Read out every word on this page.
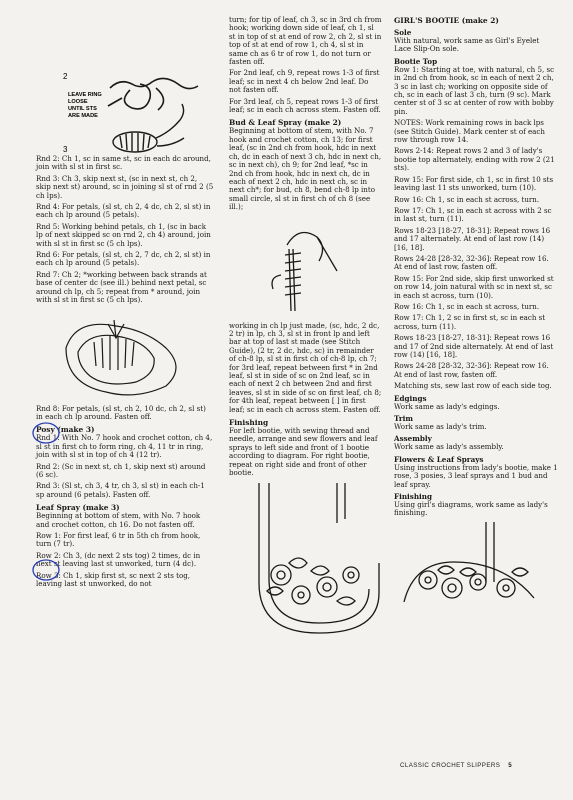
2
3
LEAVE RING
LOOSE
UNTIL STS
ARE MADE
Rnd 2: Ch 1, sc in same st, sc in each dc around, join with sl st in first sc.
Rnd 3: Ch 3, skip next st, (sc in next st, ch 2, skip next st) around, sc in joining sl st of rnd 2 (5 ch lps).
Rnd 4: For petals, (sl st, ch 2, 4 dc, ch 2, sl st) in each ch lp around (5 petals).
Rnd 5: Working behind petals, ch 1, (sc in back lp of next skipped sc on rnd 2, ch 4) around, join with sl st in first sc (5 ch lps).
Rnd 6: For petals, (sl st, ch 2, 7 dc, ch 2, sl st) in each ch lp around (5 petals).
Rnd 7: Ch 2; *working between back strands at base of center dc (see ill.) behind next petal, sc around ch lp, ch 5; repeat from * around, join with sl st in first sc (5 ch lps).
Rnd 8: For petals, (sl st, ch 2, 10 dc, ch 2, sl st) in each ch lp around. Fasten off.
Posy (make 3)
Rnd 1: With No. 7 hook and crochet cotton, ch 4, sl st in first ch to form ring, ch 4, 11 tr in ring, join with sl st in top of ch 4 (12 tr).
Rnd 2: (Sc in next st, ch 1, skip next st) around (6 sc).
Rnd 3: (Sl st, ch 3, 4 tr, ch 3, sl st) in each ch-1 sp around (6 petals). Fasten off.
Leaf Spray (make 3)
Beginning at bottom of stem, with No. 7 hook and crochet cotton, ch 16. Do not fasten off.
Row 1: For first leaf, 6 tr in 5th ch from hook, turn (7 tr).
Row 2: Ch 3, (dc next 2 sts tog) 2 times, dc in next st leaving last st unworked, turn (4 dc).
Row 3: Ch 1, skip first st, sc next 2 sts tog, leaving last st unworked, do not
turn; for tip of leaf, ch 3, sc in 3rd ch from hook; working down side of leaf, ch 1, sl st in top of st at end of row 2, ch 2, sl st in top of st at end of row 1, ch 4, sl st in same ch as 6 tr of row 1, do not turn or fasten off.
For 2nd leaf, ch 9, repeat rows 1-3 of first leaf; sc in next 4 ch below 2nd leaf. Do not fasten off.
For 3rd leaf, ch 5, repeat rows 1-3 of first leaf; sc in each ch across stem. Fasten off.
Bud & Leaf Spray (make 2)
Beginning at bottom of stem, with No. 7 hook and crochet cotton, ch 13; for first leaf, (sc in 2nd ch from hook, hdc in next ch, dc in each of next 3 ch, hdc in next ch, sc in next ch), ch 9; for 2nd leaf, *sc in 2nd ch from hook, hdc in next ch, dc in each of next 2 ch, hdc in next ch, sc in next ch*; for bud, ch 8, bend ch-8 lp into small circle, sl st in first ch of ch 8 (see ill.);
working in ch lp just made, (sc, hdc, 2 dc, 2 tr) in lp, ch 3, sl st in front lp and left bar at top of last st made (see Stitch Guide), (2 tr, 2 dc, hdc, sc) in remainder of ch-8 lp, sl st in first ch of ch-8 lp, ch 7; for 3rd leaf, repeat between first * in 2nd leaf, sl st in side of sc on 2nd leaf, sc in each of next 2 ch between 2nd and first leaves, sl st in side of sc on first leaf, ch 8; for 4th leaf, repeat between [ ] in first leaf; sc in each ch across stem. Fasten off.
Finishing
For left bootie, with sewing thread and needle, arrange and sew flowers and leaf sprays to left side and front of 1 bootie according to diagram. For right bootie, repeat on right side and front of other bootie.
GIRL'S BOOTIE (make 2)
Sole
With natural, work same as Girl's Eyelet Lace Slip-On sole.
Bootie Top
Row 1: Starting at toe, with natural, ch 5, sc in 2nd ch from hook, sc in each of next 2 ch, 3 sc in last ch; working on opposite side of ch, sc in each of last 3 ch, turn (9 sc). Mark center st of 3 sc at center of row with bobby pin.
NOTES: Work remaining rows in back lps (see Stitch Guide). Mark center st of each row through row 14.
Rows 2-14: Repeat rows 2 and 3 of lady's bootie top alternately, ending with row 2 (21 sts).
Row 15: For first side, ch 1, sc in first 10 sts leaving last 11 sts unworked, turn (10).
Row 16: Ch 1, sc in each st across, turn.
Row 17: Ch 1, sc in each st across with 2 sc in last st, turn (11).
Rows 18-23 [18-27, 18-31]: Repeat rows 16 and 17 alternately. At end of last row (14) [16, 18].
Rows 24-28 [28-32, 32-36]: Repeat row 16. At end of last row, fasten off.
Row 15: For 2nd side, skip first unworked st on row 14, join natural with sc in next st, sc in each st across, turn (10).
Row 16: Ch 1, sc in each st across, turn.
Row 17: Ch 1, 2 sc in first st, sc in each st across, turn (11).
Rows 18-23 [18-27, 18-31]: Repeat rows 16 and 17 of 2nd side alternately. At end of last row (14) [16, 18].
Rows 24-28 [28-32, 32-36]: Repeat row 16. At end of last row, fasten off.
Matching sts, sew last row of each side tog.
Edgings
Work same as lady's edgings.
Trim
Work same as lady's trim.
Assembly
Work same as lady's assembly.
Flowers & Leaf Sprays
Using instructions from lady's bootie, make 1 rose, 3 posies, 3 leaf sprays and 1 bud and leaf spray.
Finishing
Using girl's diagrams, work same as lady's finishing.
CLASSIC CROCHET SLIPPERS 5
